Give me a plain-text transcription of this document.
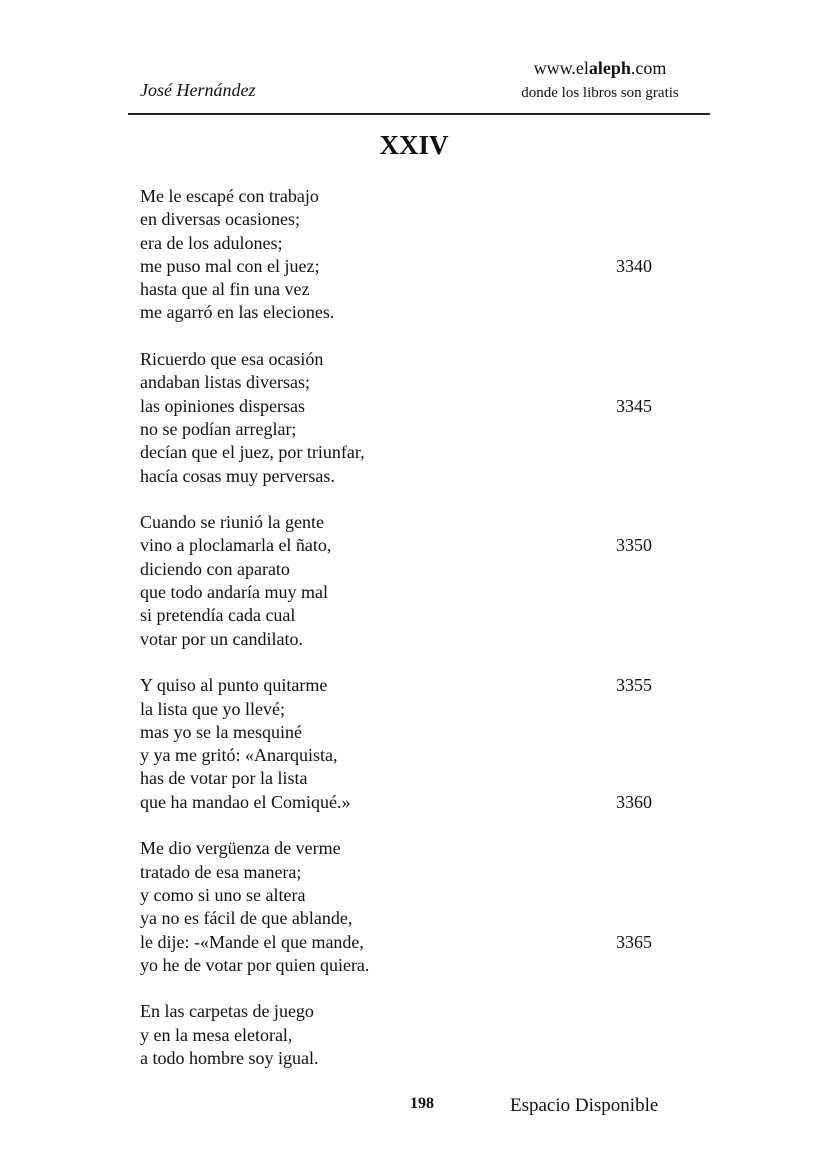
José Hernández
www.elaleph.com
donde los libros son gratis
XXIV
Me le escapé con trabajo
en diversas ocasiones;
era de los adulones;
me puso mal con el juez;	3340
hasta que al fin una vez
me agarró en las eleciones.
Ricuerdo que esa ocasión
andaban listas diversas;
las opiniones dispersas	3345
no se podían arreglar;
decían que el juez, por triunfar,
hacía cosas muy perversas.
Cuando se riunió la gente
vino a ploclamarla el ñato,	3350
diciendo con aparato
que todo andaría muy mal
si pretendía cada cual
votar por un candilato.
Y quiso al punto quitarme	3355
la lista que yo llevé;
mas yo se la mesquiné
y ya me gritó: «Anarquista,
has de votar por la lista
que ha mandao el Comiqué.»	3360
Me dio vergüenza de verme
tratado de esa manera;
y como si uno se altera
ya no es fácil de que ablande,
le dije: -«Mande el que mande,	3365
yo he de votar por quien quiera.
En las carpetas de juego
y en la mesa eletoral,
a todo hombre soy igual.
198	Espacio Disponible
